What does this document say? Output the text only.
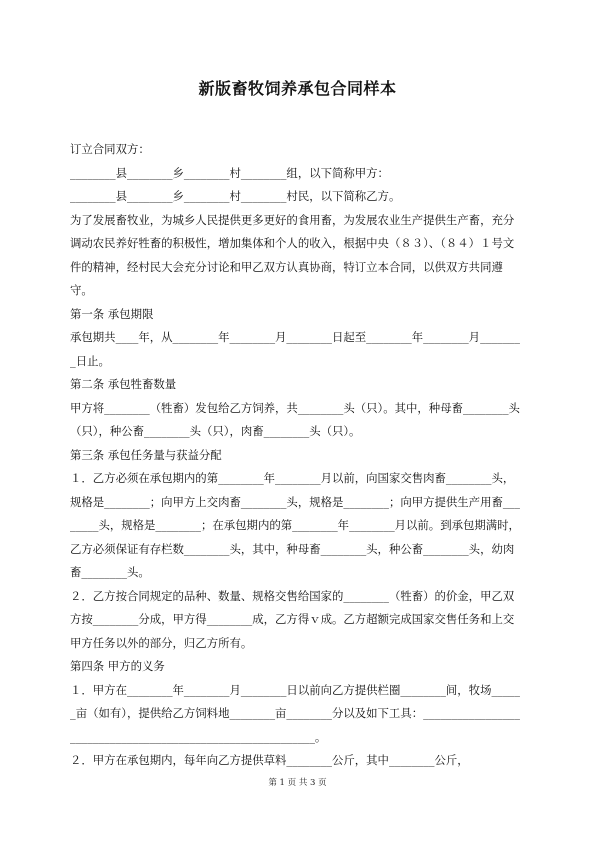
新版畜牧饲养承包合同样本
订立合同双方：
________县________乡________村________组，以下简称甲方：
________县________乡________村________村民，以下简称乙方。
为了发展畜牧业，为城乡人民提供更多更好的食用畜，为发展农业生产提供生产畜，充分调动农民养好牲畜的积极性，增加集体和个人的收入，根据中央（８３）、（８４）１号文件的精神，经村民大会充分讨论和甲乙双方认真协商，特订立本合同，以供双方共同遵守。
第一条 承包期限
承包期共____年，从________年________月________日起至________年________月________日止。
第二条 承包牲畜数量
甲方将________（牲畜）发包给乙方饲养，共________头（只）。其中，种母畜________头（只），种公畜________头（只），肉畜________头（只）。
第三条 承包任务量与获益分配
１．乙方必须在承包期内的第________年________月以前，向国家交售肉畜________头，规格是________；向甲方上交肉畜________头，规格是________；向甲方提供生产用畜________头，规格是________；在承包期内的第________年________月以前。到承包期满时，乙方必须保证有存栏数________头，其中，种母畜________头，种公畜________头，幼肉畜________头。
２．乙方按合同规定的品种、数量、规格交售给国家的________（牲畜）的价金，甲乙双方按________分成，甲方得________成，乙方得ｖ成。乙方超额完成国家交售任务和上交甲方任务以外的部分，归乙方所有。
第四条 甲方的义务
１．甲方在________年________月________日以前向乙方提供栏圈________间，牧场______亩（如有），提供给乙方饲料地________亩________分以及如下工具：____________________________________________________________。
２．甲方在承包期内，每年向乙方提供草料________公斤，其中________公斤，
第 1 页 共 3 页
